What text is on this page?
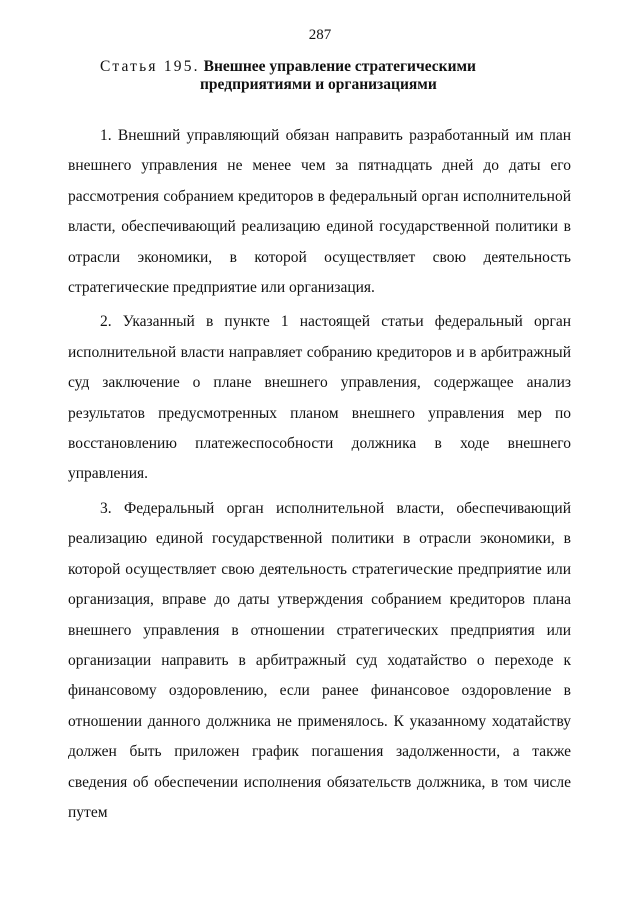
287
Статья 195. Внешнее управление стратегическими
предприятиями и организациями

1. Внешний управляющий обязан направить разработанный им план внешнего управления не менее чем за пятнадцать дней до даты его рассмотрения собранием кредиторов в федеральный орган исполнительной власти, обеспечивающий реализацию единой государственной политики в отрасли экономики, в которой осуществляет свою деятельность стратегические предприятие или организация.

2. Указанный в пункте 1 настоящей статьи федеральный орган исполнительной власти направляет собранию кредиторов и в арбитражный суд заключение о плане внешнего управления, содержащее анализ результатов предусмотренных планом внешнего управления мер по восстановлению платежеспособности должника в ходе внешнего управления.

3. Федеральный орган исполнительной власти, обеспечивающий реализацию единой государственной политики в отрасли экономики, в которой осуществляет свою деятельность стратегические предприятие или организация, вправе до даты утверждения собранием кредиторов плана внешнего управления в отношении стратегических предприятия или организации направить в арбитражный суд ходатайство о переходе к финансовому оздоровлению, если ранее финансовое оздоровление в отношении данного должника не применялось. К указанному ходатайству должен быть приложен график погашения задолженности, а также сведения об обеспечении исполнения обязательств должника, в том числе путем
